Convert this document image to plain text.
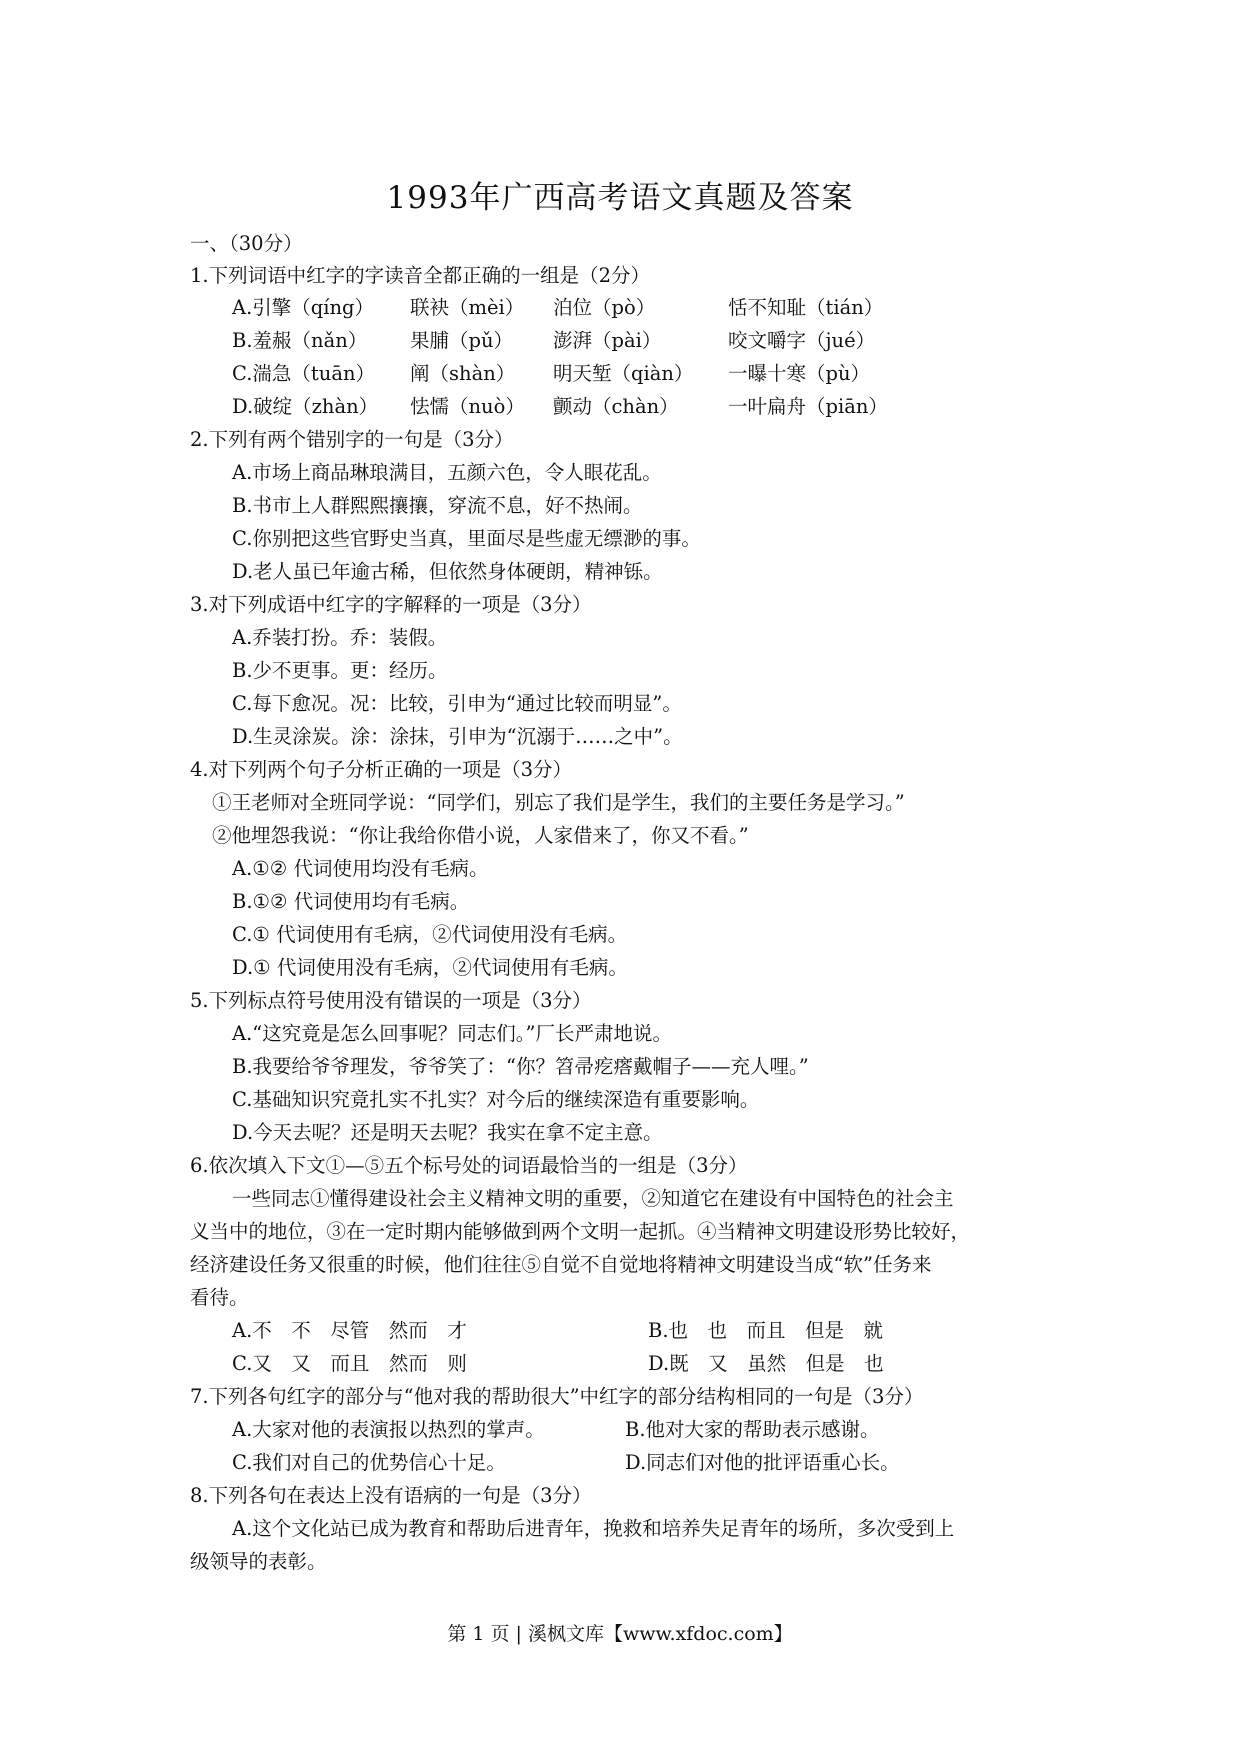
1993年广西高考语文真题及答案
一、（30分）
1.下列词语中红字的字读音全都正确的一组是（2分）
A.引擎（qíng） 联袂（mèi） 泊位（pò）	恬不知耻（tián）
B.羞赧（nǎn） 果脯（pǔ） 澎湃（pài）	咬文嚼字（jué）
C.湍急（tuān） 阐（shàn） 明天堑（qiàn） 一曝十寒（pù）
D.破绽（zhàn） 怯懦（nuò） 颤动（chàn）	一叶扁舟（piān）
2.下列有两个错别字的一句是（3分）
A.市场上商品琳琅满目，五颜六色，令人眼花乱。
B.书市上人群熙熙攘攘，穿流不息，好不热闹。
C.你别把这些官野史当真，里面尽是些虚无缥渺的事。
D.老人虽已年逾古稀，但依然身体硬朗，精神铄。
3.对下列成语中红字的字解释的一项是（3分）
A.乔装打扮。乔：装假。
B.少不更事。更：经历。
C.每下愈况。况：比较，引申为“通过比较而明显”。
D.生灵涂炭。涂：涂抹，引申为“沉溺于……之中”。
4.对下列两个句子分析正确的一项是（3分）
①王老师对全班同学说：“同学们，别忘了我们是学生，我们的主要任务是学习。”
②他埋怨我说：“你让我给你借小说，人家借来了，你又不看。”
A.①② 代词使用均没有毛病。
B.①② 代词使用均有毛病。
C.① 代词使用有毛病，②代词使用没有毛病。
D.① 代词使用没有毛病，②代词使用有毛病。
5.下列标点符号使用没有错误的一项是（3分）
A.“这究竟是怎么回事呢？同志们。”厂长严肃地说。
B.我要给爷爷理发，爷爷笑了：“你？笤帚疙瘩戴帽子——充人哩。”
C.基础知识究竟扎实不扎实？对今后的继续深造有重要影响。
D.今天去呢？还是明天去呢？我实在拿不定主意。
6.依次填入下文①—⑤五个标号处的词语最恰当的一组是（3分）
一些同志①懂得建设社会主义精神文明的重要，②知道它在建设有中国特色的社会主
义当中的地位，③在一定时期内能够做到两个文明一起抓。④当精神文明建设形势比较好，
经济建设任务又很重的时候，他们往往⑤自觉不自觉地将精神文明建设当成“软”任务来
看待。
A.不　不　尽管　然而　才	B.也　也　而且　但是　就
C.又　又　而且　然而　则	D.既　又　虽然　但是　也
7.下列各句红字的部分与“他对我的帮助很大”中红字的部分结构相同的一句是（3分）
A.大家对他的表演报以热烈的掌声。	B.他对大家的帮助表示感谢。
C.我们对自己的优势信心十足。	D.同志们对他的批评语重心长。
8.下列各句在表达上没有语病的一句是（3分）
A.这个文化站已成为教育和帮助后进青年，挽救和培养失足青年的场所，多次受到上
级领导的表彰。
第 1 页 | 溪枫文库【www.xfdoc.com】
